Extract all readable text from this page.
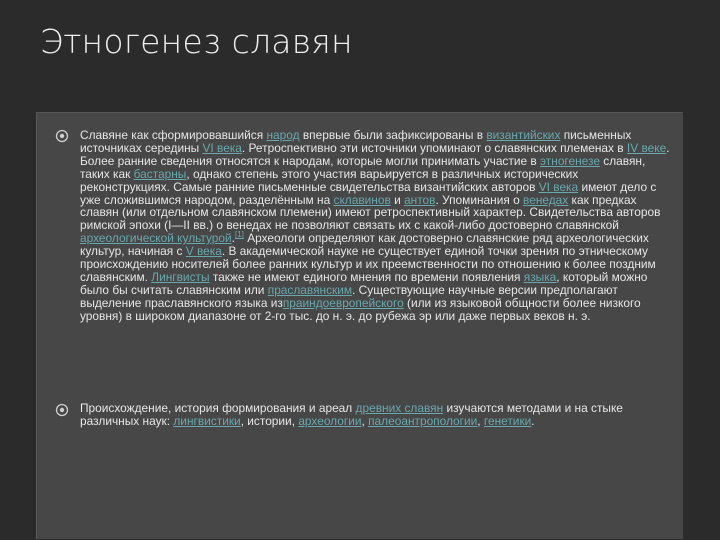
Этногенез славян

Славяне как сформировавшийся народ впервые были зафиксированы в византийских письменных источниках середины VI века. Ретроспективно эти источники упоминают о славянских племенах в IV веке. Более ранние сведения относятся к народам, которые могли принимать участие в этногенезе славян, таких как бастарны, однако степень этого участия варьируется в различных исторических реконструкциях. Самые ранние письменные свидетельства византийских авторов VI века имеют дело с уже сложившимся народом, разделённым на склавинов и антов. Упоминания о венедах как предках славян (или отдельном славянском племени) имеют ретроспективный характер. Свидетельства авторов римской эпохи (I—II вв.) о венедах не позволяют связать их с какой-либо достоверно славянской археологической культурой.[1] Археологи определяют как достоверно славянские ряд археологических культур, начиная с V века. В академической науке не существует единой точки зрения по этническому происхождению носителей более ранних культур и их преемственности по отношению к более поздним славянским. Лингвисты также не имеют единого мнения по времени появления языка, который можно было бы считать славянским или праславянским. Существующие научные версии предполагают выделение праславянского языка изпраиндоевропейского (или из языковой общности более низкого уровня) в широком диапазоне от 2-го тыс. до н. э. до рубежа эр или даже первых веков н. э.

Происхождение, история формирования и ареал древних славян изучаются методами и на стыке различных наук: лингвистики, истории, археологии, палеоантропологии, генетики.
